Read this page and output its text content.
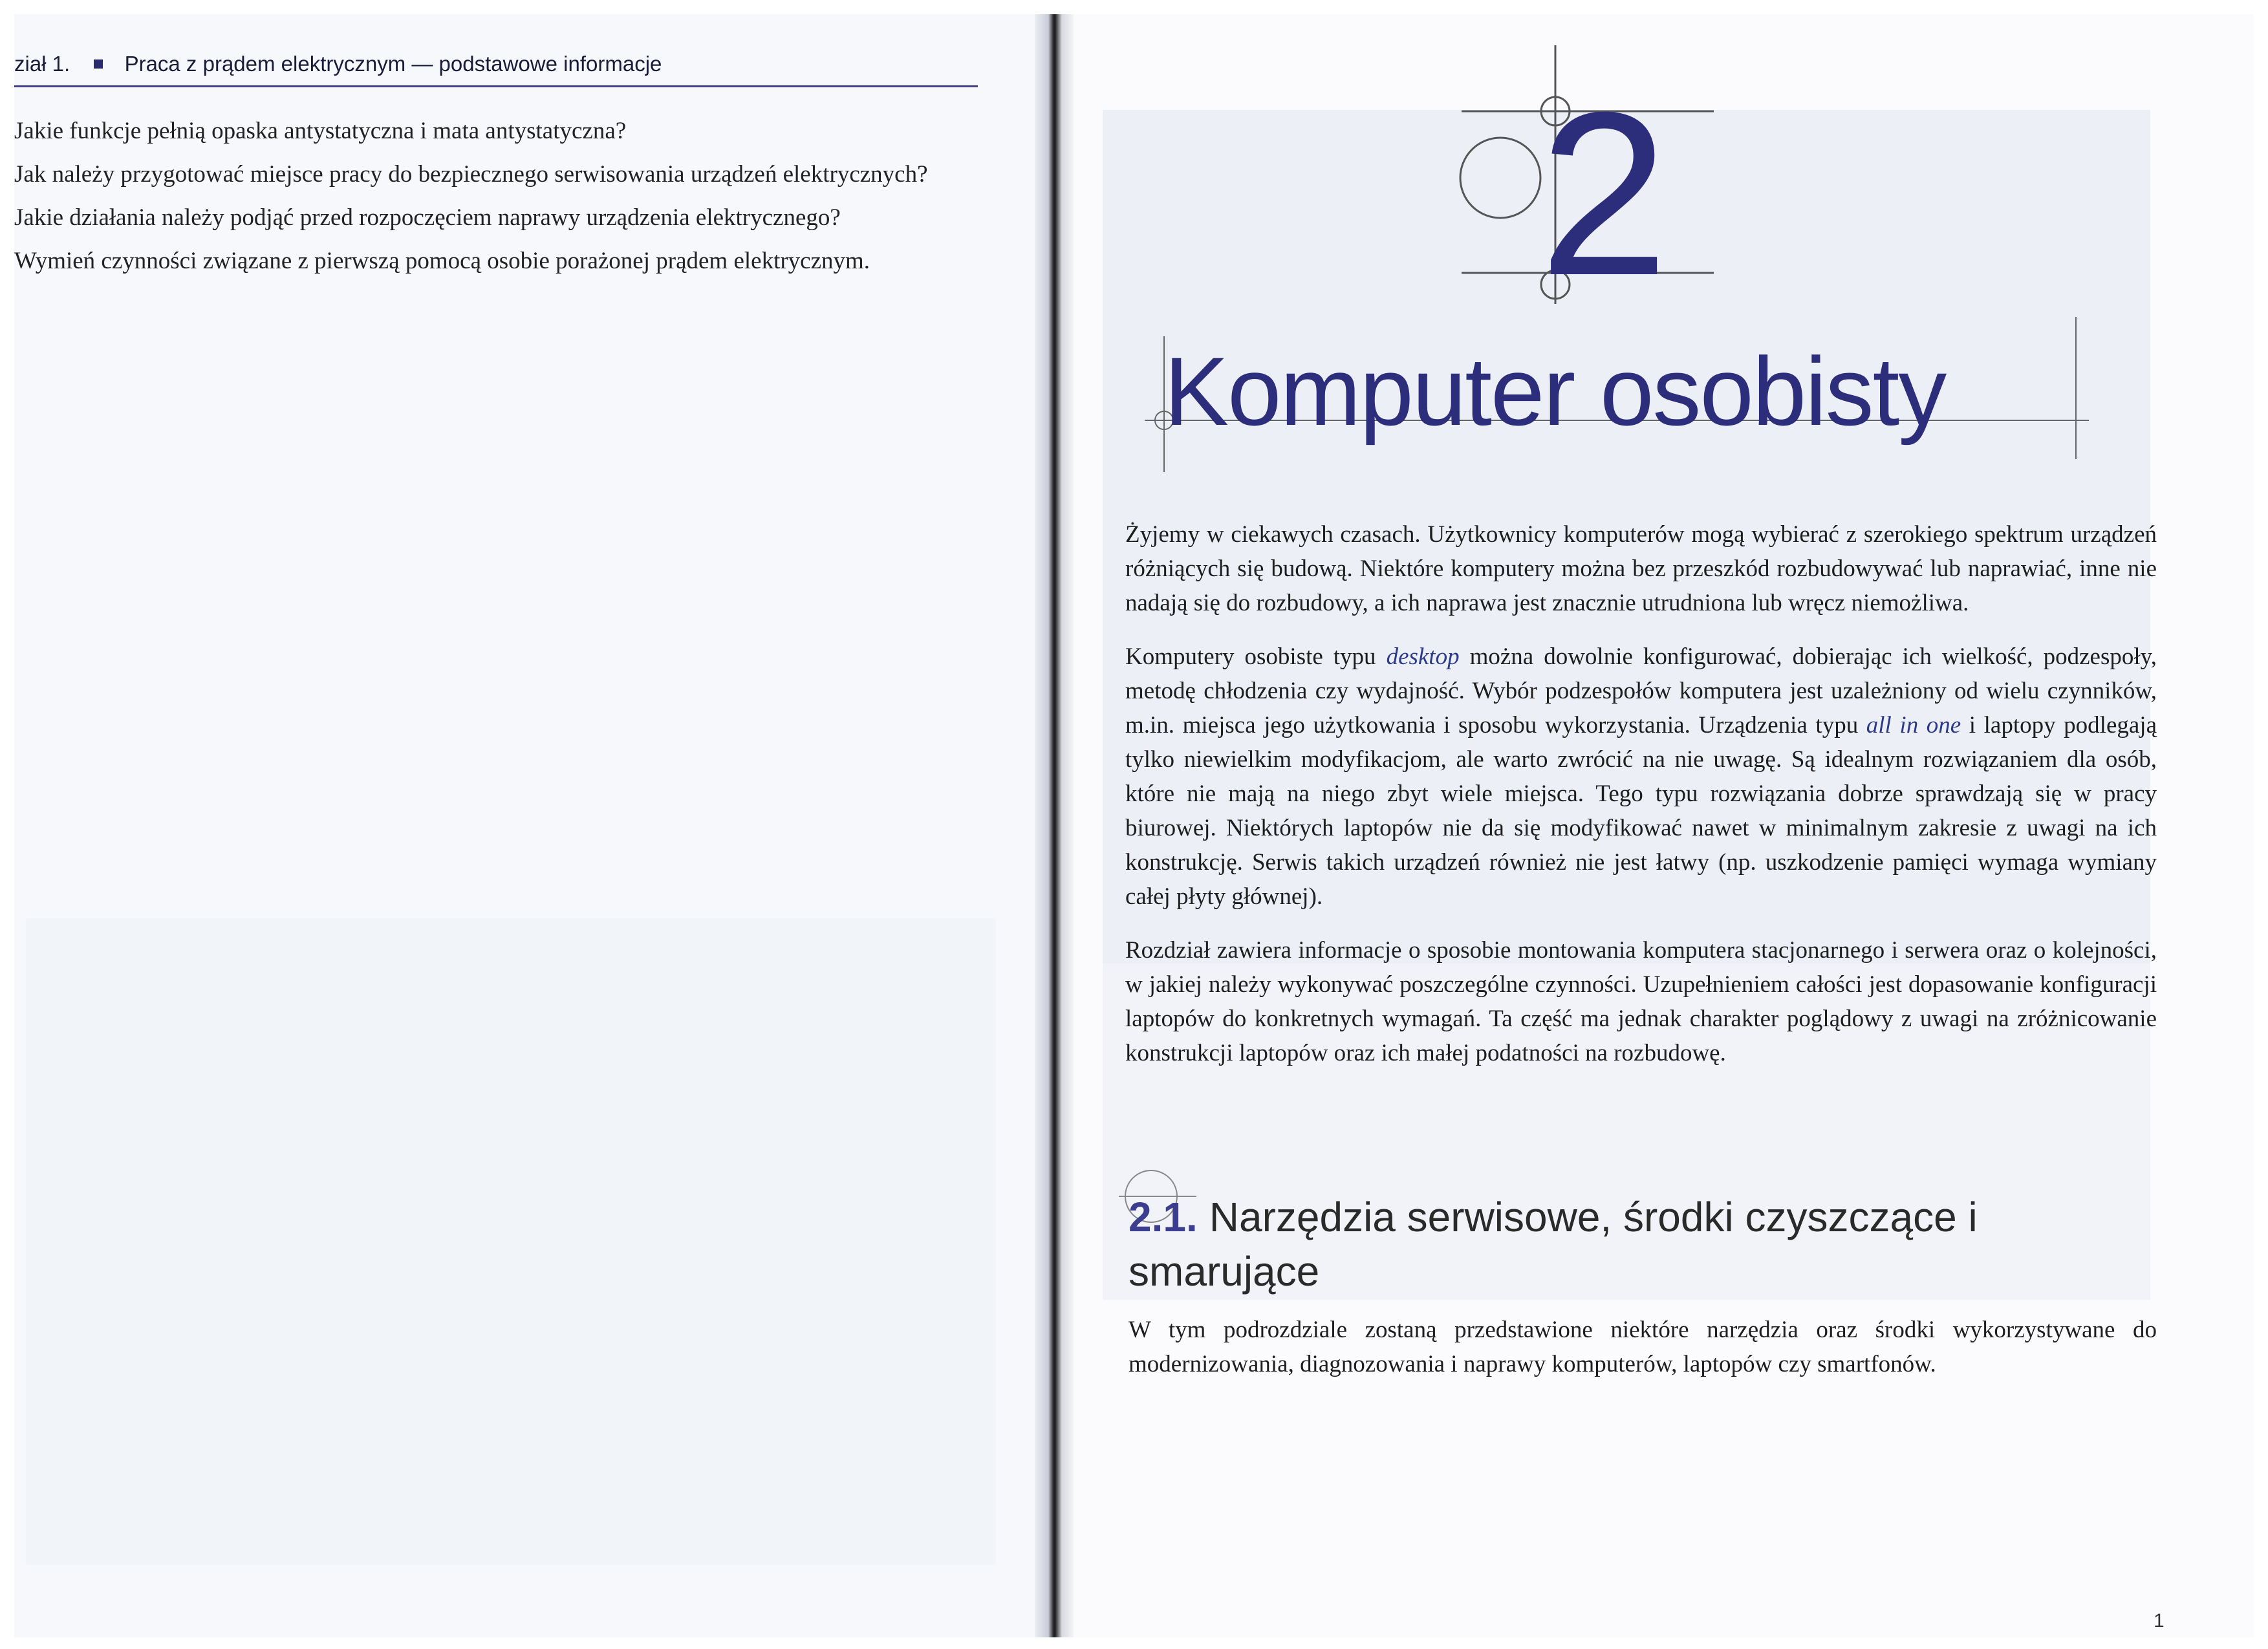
ział 1.	Praca z prądem elektrycznym — podstawowe informacje

Jakie funkcje pełnią opaska antystatyczna i mata antystatyczna?

Jak należy przygotować miejsce pracy do bezpiecznego serwisowania urządzeń elektrycznych?

Jakie działania należy podjąć przed rozpoczęciem naprawy urządzenia elektrycznego?

Wymień czynności związane z pierwszą pomocą osobie porażonej prądem elektrycznym.	2
Komputer osobisty

Żyjemy w ciekawych czasach. Użytkownicy komputerów mogą wybierać z szerokiego spektrum urządzeń różniących się budową. Niektóre komputery można bez przeszkód rozbudowywać lub naprawiać, inne nie nadają się do rozbudowy, a ich naprawa jest znacznie utrudniona lub wręcz niemożliwa.

Komputery osobiste typu desktop można dowolnie konfigurować, dobierając ich wielkość, podzespoły, metodę chłodzenia czy wydajność. Wybór podzespołów komputera jest uzależniony od wielu czynników, m.in. miejsca jego użytkowania i sposobu wykorzystania. Urządzenia typu all in one i laptopy podlegają tylko niewielkim modyfikacjom, ale warto zwrócić na nie uwagę. Są idealnym rozwiązaniem dla osób, które nie mają na niego zbyt wiele miejsca. Tego typu rozwiązania dobrze sprawdzają się w pracy biurowej. Niektórych laptopów nie da się modyfikować nawet w minimalnym zakresie z uwagi na ich konstrukcję. Serwis takich urządzeń również nie jest łatwy (np. uszkodzenie pamięci wymaga wymiany całej płyty głównej).

Rozdział zawiera informacje o sposobie montowania komputera stacjonarnego i serwera oraz o kolejności, w jakiej należy wykonywać poszczególne czynności. Uzupełnieniem całości jest dopasowanie konfiguracji laptopów do konkretnych wymagań. Ta część ma jednak charakter poglądowy z uwagi na zróżnicowanie konstrukcji laptopów oraz ich małej podatności na rozbudowę.

2.1. Narzędzia serwisowe, środki czyszczące i smarujące
W tym podrozdziale zostaną przedstawione niektóre narzędzia oraz środki wykorzystywane do modernizowania, diagnozowania i naprawy komputerów, laptopów czy smartfonów.
1
